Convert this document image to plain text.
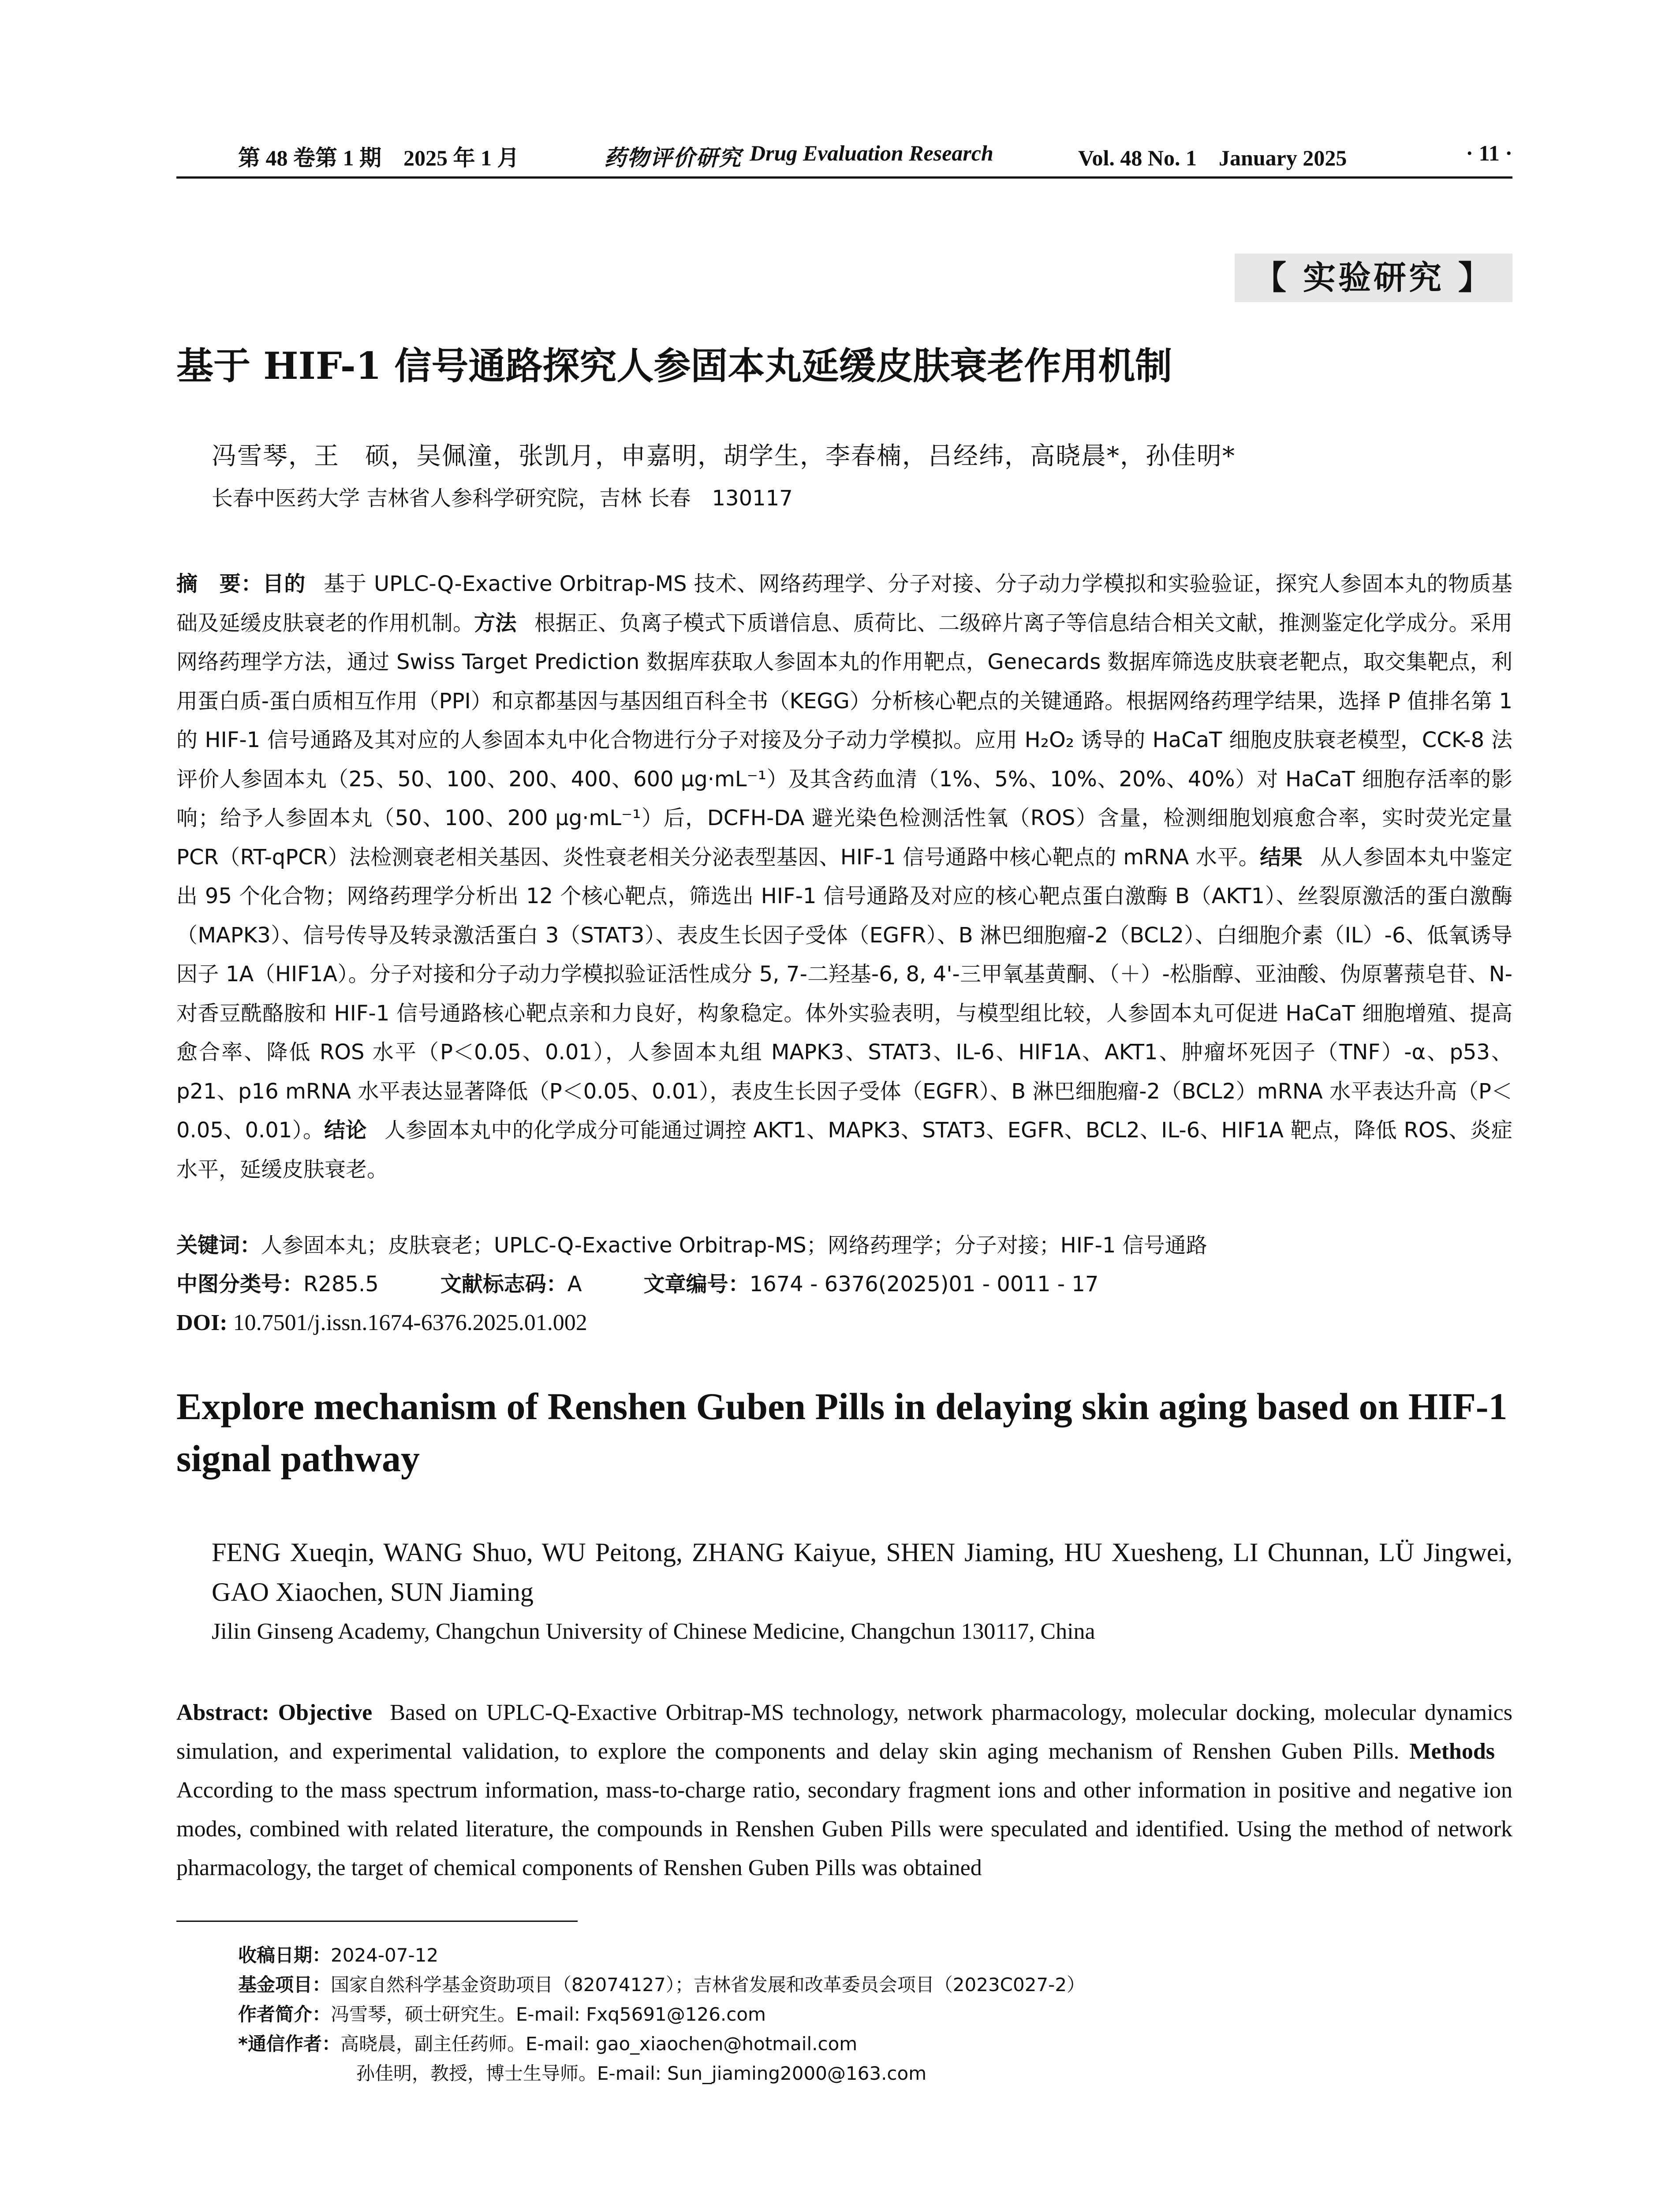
第 48 卷第 1 期　2025 年 1 月	药物评价研究 Drug Evaluation Research	Vol. 48 No. 1　January 2025	· 11 ·
【 实验研究 】
基于 HIF-1 信号通路探究人参固本丸延缓皮肤衰老作用机制
冯雪琴，王　硕，吴佩潼，张凯月，申嘉明，胡学生，李春楠，吕经纬，高晓晨*，孙佳明*
长春中医药大学 吉林省人参科学研究院，吉林 长春　130117
摘　要：目的 基于 UPLC-Q-Exactive Orbitrap-MS 技术、网络药理学、分子对接、分子动力学模拟和实验验证，探究人参固本丸的物质基础及延缓皮肤衰老的作用机制。方法 根据正、负离子模式下质谱信息、质荷比、二级碎片离子等信息结合相关文献，推测鉴定化学成分。采用网络药理学方法，通过 Swiss Target Prediction 数据库获取人参固本丸的作用靶点，Genecards 数据库筛选皮肤衰老靶点，取交集靶点，利用蛋白质-蛋白质相互作用（PPI）和京都基因与基因组百科全书（KEGG）分析核心靶点的关键通路。根据网络药理学结果，选择 P 值排名第 1 的 HIF-1 信号通路及其对应的人参固本丸中化合物进行分子对接及分子动力学模拟。应用 H₂O₂ 诱导的 HaCaT 细胞皮肤衰老模型，CCK-8 法评价人参固本丸（25、50、100、200、400、600 μg·mL⁻¹）及其含药血清（1%、5%、10%、20%、40%）对 HaCaT 细胞存活率的影响；给予人参固本丸（50、100、200 μg·mL⁻¹）后，DCFH-DA 避光染色检测活性氧（ROS）含量，检测细胞划痕愈合率，实时荧光定量 PCR（RT-qPCR）法检测衰老相关基因、炎性衰老相关分泌表型基因、HIF-1 信号通路中核心靶点的 mRNA 水平。结果 从人参固本丸中鉴定出 95 个化合物；网络药理学分析出 12 个核心靶点，筛选出 HIF-1 信号通路及对应的核心靶点蛋白激酶 B（AKT1）、丝裂原激活的蛋白激酶（MAPK3）、信号传导及转录激活蛋白 3（STAT3）、表皮生长因子受体（EGFR）、B 淋巴细胞瘤-2（BCL2）、白细胞介素（IL）-6、低氧诱导因子 1A（HIF1A）。分子对接和分子动力学模拟验证活性成分 5, 7-二羟基-6, 8, 4'-三甲氧基黄酮、（＋）-松脂醇、亚油酸、伪原薯蓣皂苷、N-对香豆酰酪胺和 HIF-1 信号通路核心靶点亲和力良好，构象稳定。体外实验表明，与模型组比较，人参固本丸可促进 HaCaT 细胞增殖、提高愈合率、降低 ROS 水平（P＜0.05、0.01），人参固本丸组 MAPK3、STAT3、IL-6、HIF1A、AKT1、肿瘤坏死因子（TNF）-α、p53、p21、p16 mRNA 水平表达显著降低（P＜0.05、0.01），表皮生长因子受体（EGFR）、B 淋巴细胞瘤-2（BCL2）mRNA 水平表达升高（P＜0.05、0.01）。结论 人参固本丸中的化学成分可能通过调控 AKT1、MAPK3、STAT3、EGFR、BCL2、IL-6、HIF1A 靶点，降低 ROS、炎症水平，延缓皮肤衰老。
关键词：人参固本丸；皮肤衰老；UPLC-Q-Exactive Orbitrap-MS；网络药理学；分子对接；HIF-1 信号通路
中图分类号：R285.5	文献标志码：A	文章编号：1674 - 6376(2025)01 - 0011 - 17
DOI: 10.7501/j.issn.1674-6376.2025.01.002
Explore mechanism of Renshen Guben Pills in delaying skin aging based on HIF-1 signal pathway
FENG Xueqin, WANG Shuo, WU Peitong, ZHANG Kaiyue, SHEN Jiaming, HU Xuesheng, LI Chunnan, LÜ Jingwei, GAO Xiaochen, SUN Jiaming
Jilin Ginseng Academy, Changchun University of Chinese Medicine, Changchun 130117, China
Abstract: Objective Based on UPLC-Q-Exactive Orbitrap-MS technology, network pharmacology, molecular docking, molecular dynamics simulation, and experimental validation, to explore the components and delay skin aging mechanism of Renshen Guben Pills. MethodsAccording to the mass spectrum information, mass-to-charge ratio, secondary fragment ions and other information in positive and negative ion modes, combined with related literature, the compounds in Renshen Guben Pills were speculated and identified. Using the method of network pharmacology, the target of chemical components of Renshen Guben Pills was obtained
收稿日期：2024-07-12
基金项目：国家自然科学基金资助项目（82074127）；吉林省发展和改革委员会项目（2023C027-2）
作者简介：冯雪琴，硕士研究生。E-mail: Fxq5691@126.com
*通信作者：高晓晨，副主任药师。E-mail: gao_xiaochen@hotmail.com
孙佳明，教授，博士生导师。E-mail: Sun_jiaming2000@163.com
